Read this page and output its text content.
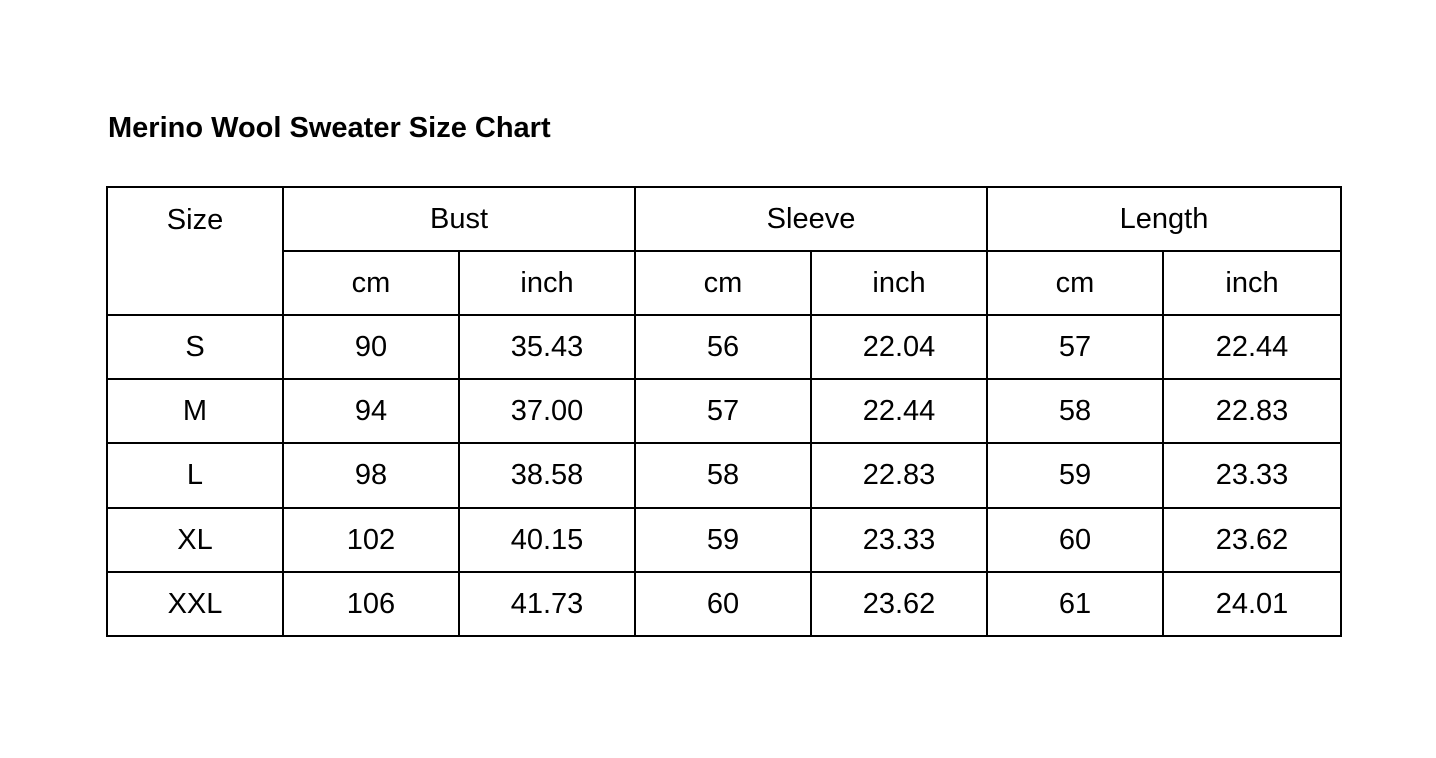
Merino Wool Sweater Size Chart
Size	Bust		Sleeve		Length	
	cm	inch	cm	inch	cm	inch
S	90	35.43	56	22.04	57	22.44
M	94	37.00	57	22.44	58	22.83
L	98	38.58	58	22.83	59	23.33
XL	102	40.15	59	23.33	60	23.62
XXL	106	41.73	60	23.62	61	24.01
